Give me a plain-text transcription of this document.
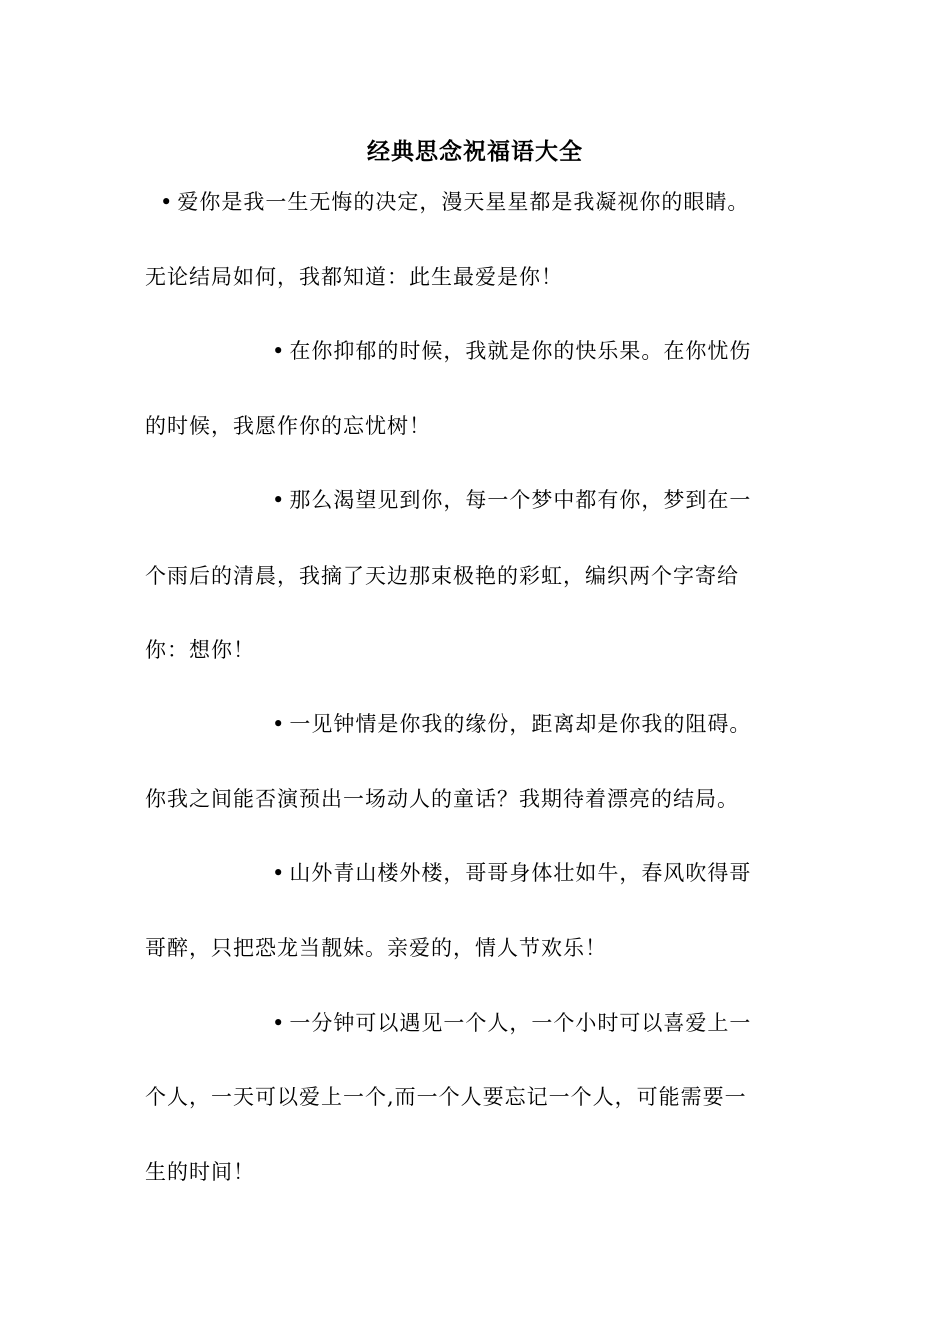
经典思念祝福语大全
• 爱你是我一生无悔的决定，漫天星星都是我凝视你的眼睛。
无论结局如何，我都知道：此生最爱是你！
• 在你抑郁的时候，我就是你的快乐果。在你忧伤
的时候，我愿作你的忘忧树！
• 那么渴望见到你，每一个梦中都有你，梦到在一
个雨后的清晨，我摘了天边那束极艳的彩虹，编织两个字寄给
你：想你！
• 一见钟情是你我的缘份，距离却是你我的阻碍。
你我之间能否演预出一场动人的童话？我期待着漂亮的结局。
• 山外青山楼外楼，哥哥身体壮如牛，春风吹得哥
哥醉，只把恐龙当靓妹。亲爱的，情人节欢乐！
• 一分钟可以遇见一个人，一个小时可以喜爱上一
个人，一天可以爱上一个,而一个人要忘记一个人，可能需要一
生的时间！
